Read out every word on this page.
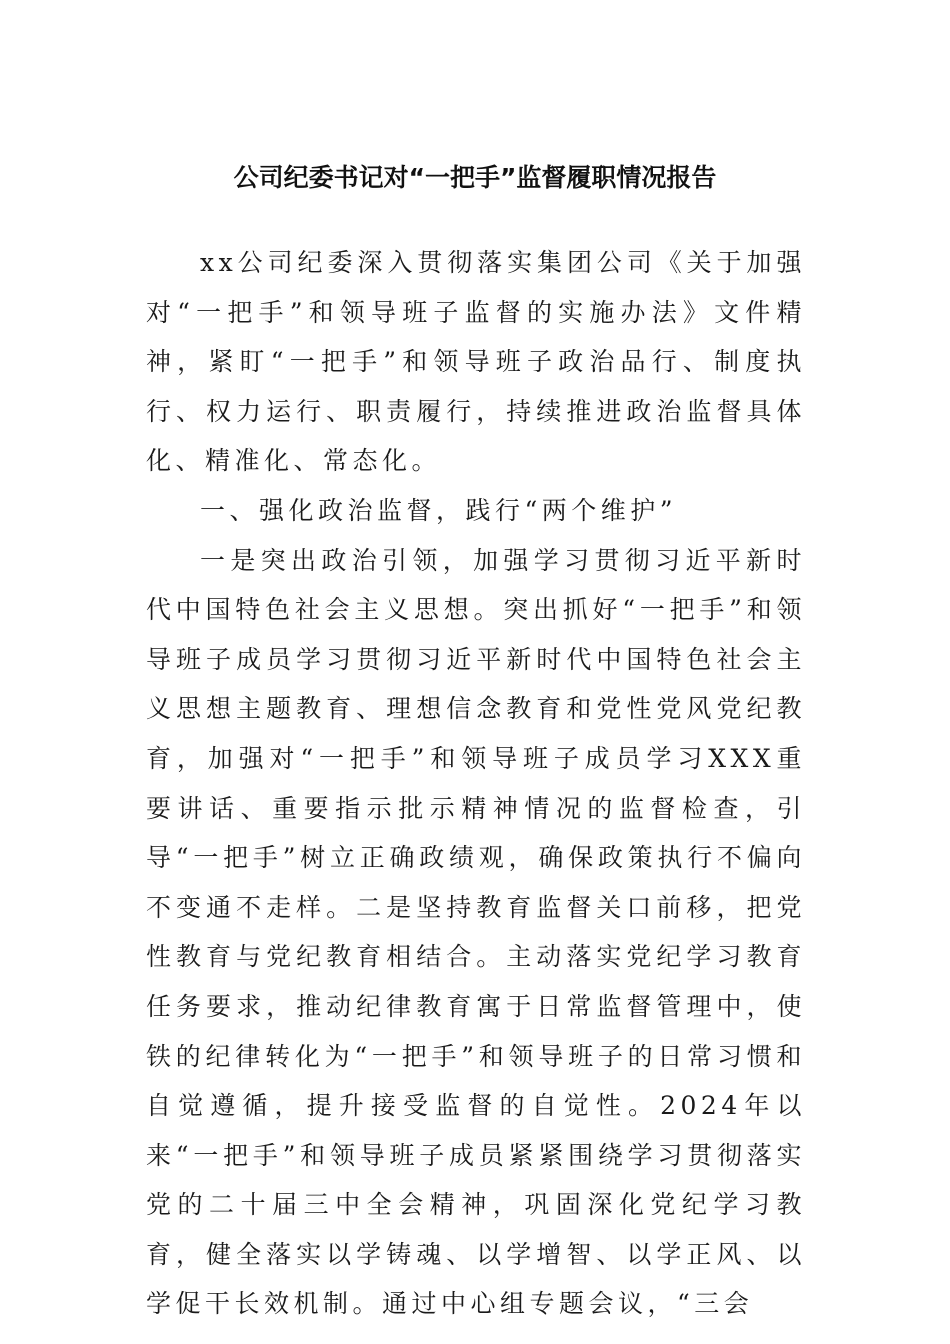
公司纪委书记对“一把手”监督履职情况报告

xx公司纪委深入贯彻落实集团公司《关于加强对“一把手”和领导班子监督的实施办法》文件精神，紧盯“一把手”和领导班子政治品行、制度执行、权力运行、职责履行，持续推进政治监督具体化、精准化、常态化。

一、强化政治监督，践行“两个维护”

一是突出政治引领，加强学习贯彻习近平新时代中国特色社会主义思想。突出抓好“一把手”和领导班子成员学习贯彻习近平新时代中国特色社会主义思想主题教育、理想信念教育和党性党风党纪教育，加强对“一把手”和领导班子成员学习XXX重要讲话、重要指示批示精神情况的监督检查，引导“一把手”树立正确政绩观，确保政策执行不偏向不变通不走样。二是坚持教育监督关口前移，把党性教育与党纪教育相结合。主动落实党纪学习教育任务要求，推动纪律教育寓于日常监督管理中，使铁的纪律转化为“一把手”和领导班子的日常习惯和自觉遵循，提升接受监督的自觉性。2024年以来“一把手”和领导班子成员紧紧围绕学习贯彻落实党的二十届三中全会精神，巩固深化党纪学习教育，健全落实以学铸魂、以学增智、以学正风、以学促干长效机制。通过中心组专题会议，“三会
